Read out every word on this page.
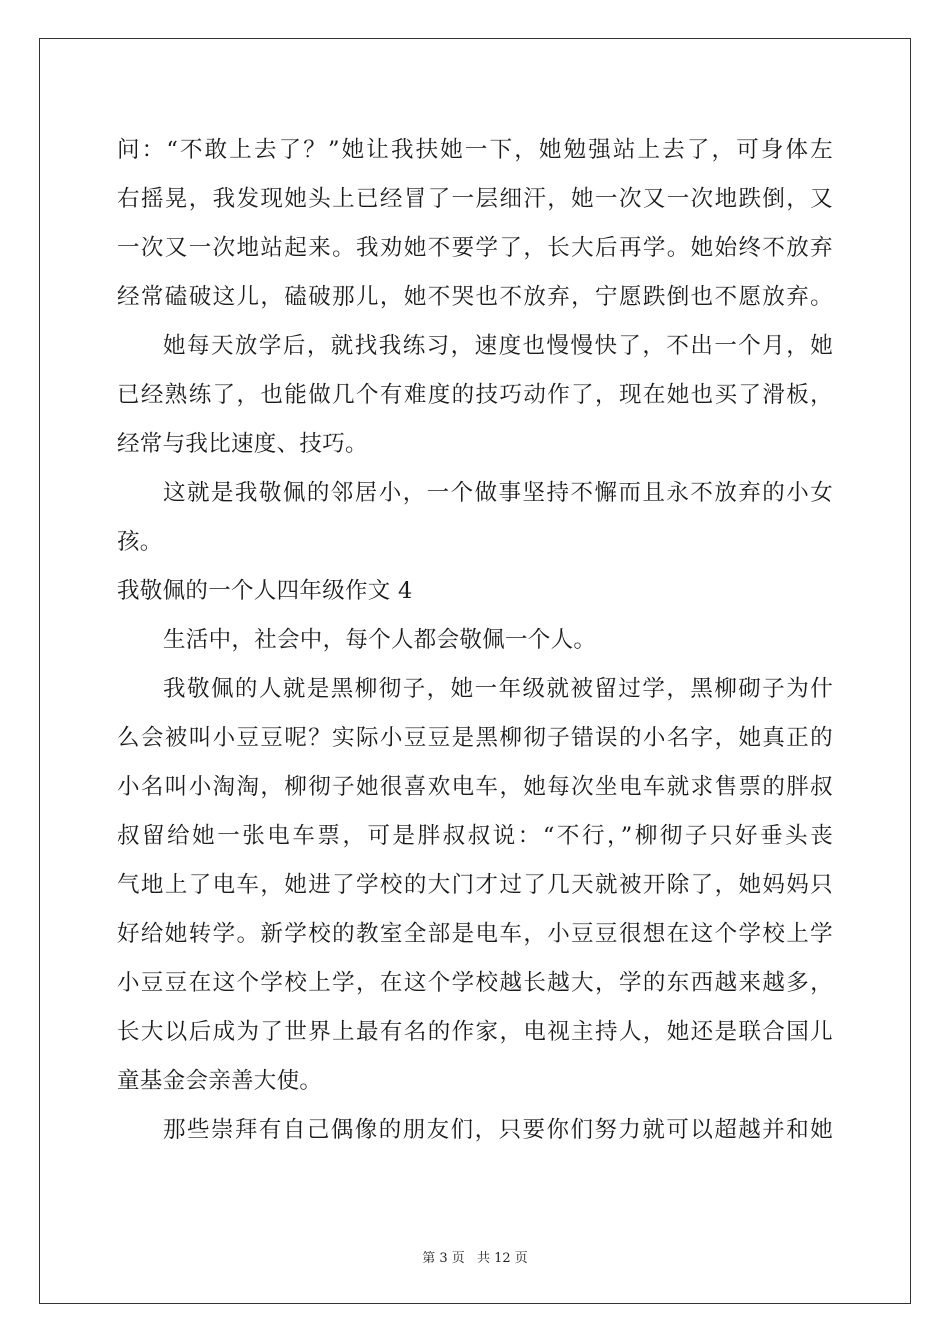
问：“不敢上去了？”她让我扶她一下，她勉强站上去了，可身体左
右摇晃，我发现她头上已经冒了一层细汗，她一次又一次地跌倒，又
一次又一次地站起来。我劝她不要学了，长大后再学。她始终不放弃
经常磕破这儿，磕破那儿，她不哭也不放弃，宁愿跌倒也不愿放弃。
她每天放学后，就找我练习，速度也慢慢快了，不出一个月，她
已经熟练了，也能做几个有难度的技巧动作了，现在她也买了滑板，
经常与我比速度、技巧。
这就是我敬佩的邻居小，一个做事坚持不懈而且永不放弃的小女
孩。
我敬佩的一个人四年级作文 4
生活中，社会中，每个人都会敬佩一个人。
我敬佩的人就是黑柳彻子，她一年级就被留过学，黑柳砌子为什
么会被叫小豆豆呢？实际小豆豆是黑柳彻子错误的小名字，她真正的
小名叫小淘淘，柳彻子她很喜欢电车，她每次坐电车就求售票的胖叔
叔留给她一张电车票，可是胖叔叔说：“不行，”柳彻子只好垂头丧
气地上了电车，她进了学校的大门才过了几天就被开除了，她妈妈只
好给她转学。新学校的教室全部是电车，小豆豆很想在这个学校上学
小豆豆在这个学校上学，在这个学校越长越大，学的东西越来越多，
长大以后成为了世界上最有名的作家，电视主持人，她还是联合国儿
童基金会亲善大使。
那些崇拜有自己偶像的朋友们，只要你们努力就可以超越并和她
第 3 页 共 12 页
